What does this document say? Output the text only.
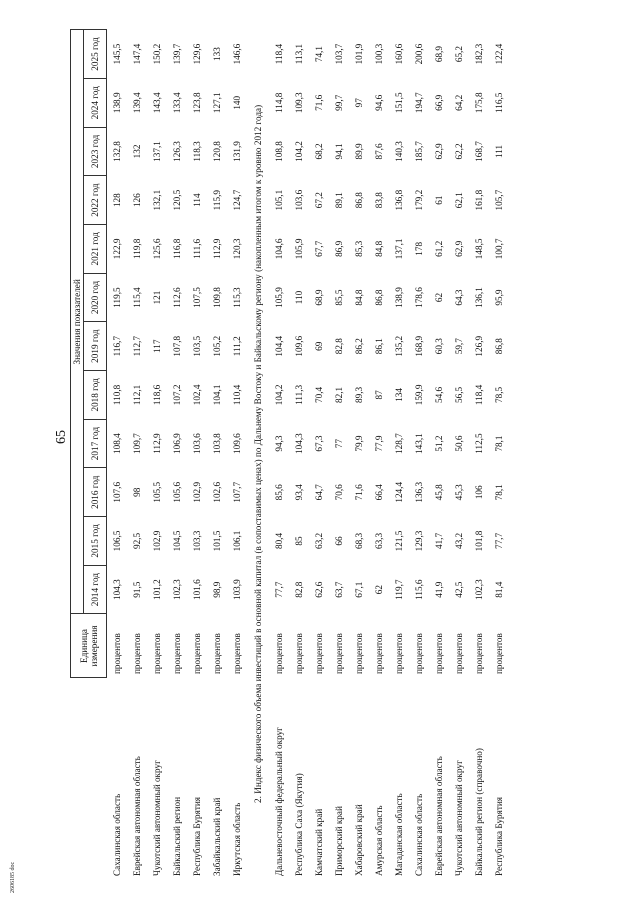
65
2606185 doc
	Единица измерения	Значения показателей											
		2014 год	2015 год	2016 год	2017 год	2018 год	2019 год	2020 год	2021 год	2022 год	2023 год	2024 год	2025 год
Сахалинская область	процентов	104,3	106,5	107,6	108,4	110,8	116,7	119,5	122,9	128	132,8	138,9	145,5
Еврейская автономная область	процентов	91,5	92,5	98	109,7	112,1	112,7	115,4	119,8	126	132	139,4	147,4
Чукотский автономный округ	процентов	101,2	102,9	105,5	112,9	118,6	117	121	125,6	132,1	137,1	143,4	150,2
Байкальский регион	процентов	102,3	104,5	105,6	106,9	107,2	107,8	112,6	116,8	120,5	126,3	133,4	139,7
Республика Бурятия	процентов	101,6	103,3	102,9	103,6	102,4	103,5	107,5	111,6	114	118,3	123,8	129,6
Забайкальский край	процентов	98,9	101,5	102,6	103,8	104,1	105,2	109,8	112,9	115,9	120,8	127,1	133
Иркутская область	процентов	103,9	106,1	107,7	109,6	110,4	111,2	115,3	120,3	124,7	131,9	140	146,6
2. Индекс физического объема инвестиций в основной капитал (в сопоставимых ценах) по Дальнему Востоку и Байкальскому региону (накопленным итогом к уровню 2012 года)													
Дальневосточный федеральный округ	процентов	77,7	80,4	85,6	94,3	104,2	104,4	105,9	104,6	105,1	108,8	114,8	118,4
Республика Саха (Якутия)	процентов	82,8	85	93,4	104,3	111,3	109,6	110	105,9	103,6	104,2	109,3	113,1
Камчатский край	процентов	62,6	63,2	64,7	67,3	70,4	69	68,9	67,7	67,2	68,2	71,6	74,1
Приморский край	процентов	63,7	66	70,6	77	82,1	82,8	85,5	86,9	89,1	94,1	99,7	103,7
Хабаровский край	процентов	67,1	68,3	71,6	79,9	89,3	86,2	84,8	85,3	86,8	89,9	97	101,9
Амурская область	процентов	62	63,3	66,4	77,9	87	86,1	86,8	84,8	83,8	87,6	94,6	100,3
Магаданская область	процентов	119,7	121,5	124,4	128,7	134	135,2	138,9	137,1	136,8	140,3	151,5	160,6
Сахалинская область	процентов	115,6	129,3	136,3	143,1	159,9	168,9	178,6	178	179,2	185,7	194,7	200,6
Еврейская автономная область	процентов	41,9	41,7	45,8	51,2	54,6	60,3	62	61,2	61	62,9	66,9	68,9
Чукотский автономный округ	процентов	42,5	43,2	45,3	50,6	56,5	59,7	64,3	62,9	62,1	62,2	64,2	65,2
Байкальский регион (справочно)	процентов	102,3	101,8	106	112,5	118,4	126,9	136,1	148,5	161,8	168,7	175,8	182,3
Республика Бурятия	процентов	81,4	77,7	78,1	78,1	78,5	86,8	95,9	100,7	105,7	111	116,5	122,4
